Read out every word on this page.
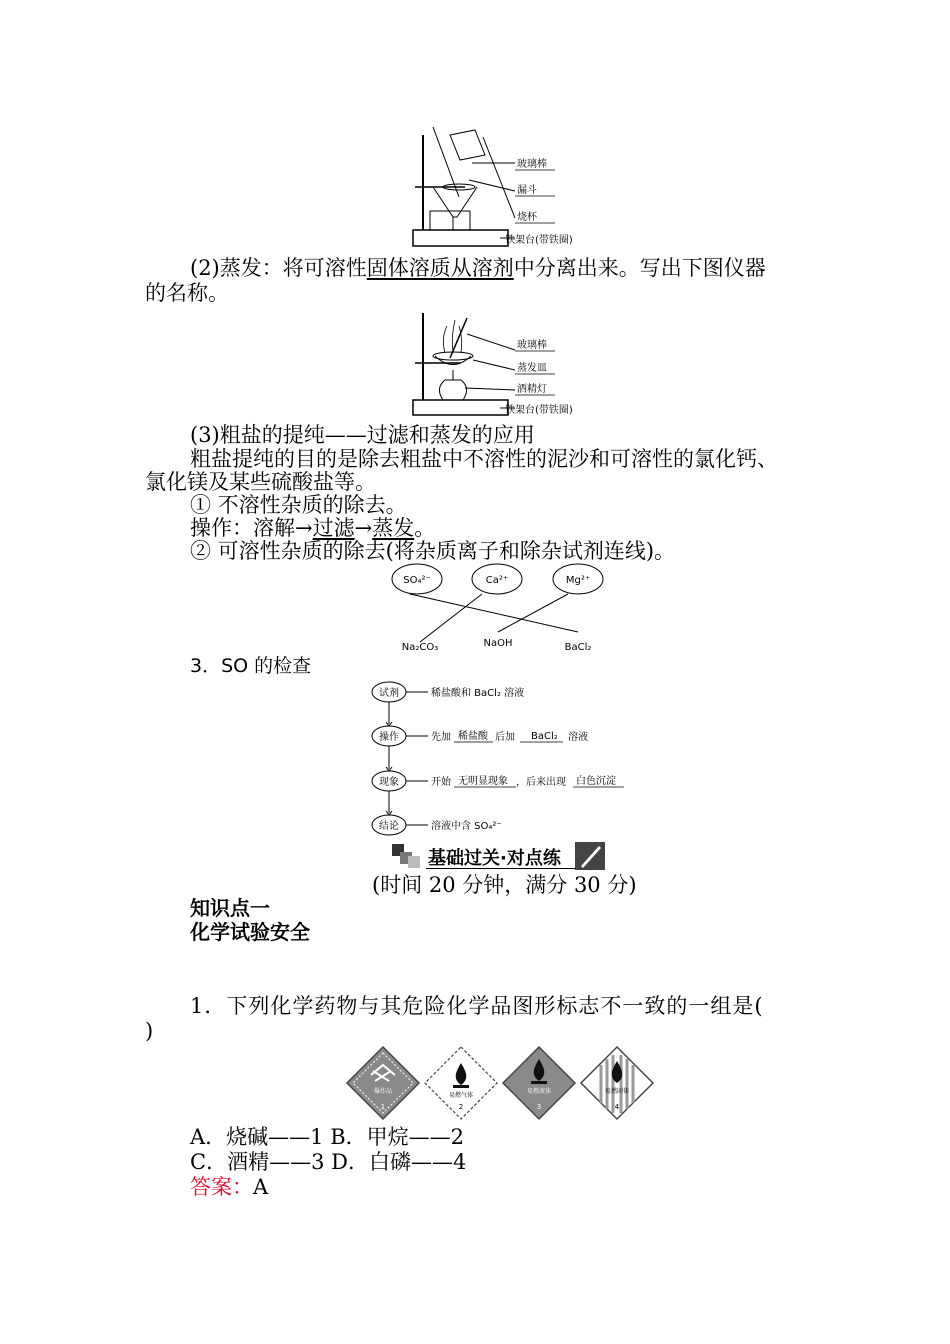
玻璃棒
漏斗
烧杯
铁架台(带铁圈)
(2)蒸发：将可溶性固体溶质从溶剂中分离出来。写出下图仪器
的名称。
玻璃棒
蒸发皿
酒精灯
铁架台(带铁圈)
(3)粗盐的提纯——过滤和蒸发的应用
粗盐提纯的目的是除去粗盐中不溶性的泥沙和可溶性的氯化钙、
氯化镁及某些硫酸盐等。
① 不溶性杂质的除去。
操作：溶解→过滤→蒸发。
② 可溶性杂质的除去(将杂质离子和除杂试剂连线)。
SO₄²⁻	Ca²⁺	Mg²⁺
Na₂CO₃	NaOH	BaCl₂
3．SO 的检查
试剂
操作
现象
结论
稀盐酸和 BaCl₂ 溶液
先加 稀盐酸 后加 BaCl₂ 溶液
开始 无明显现象 ，后来出现 白色沉淀
溶液中含 SO₄²⁻
基础过关·对点练
(时间 20 分钟，满分 30 分)
知识点一
化学试验安全
1．下列化学药物与其危险化学品图形标志不一致的一组是(
)
爆炸品
1
易燃气体
2
易燃液体
3
易燃固体
4
A．烧碱——1 B．甲烷——2
C．酒精——3 D．白磷——4
答案：A
